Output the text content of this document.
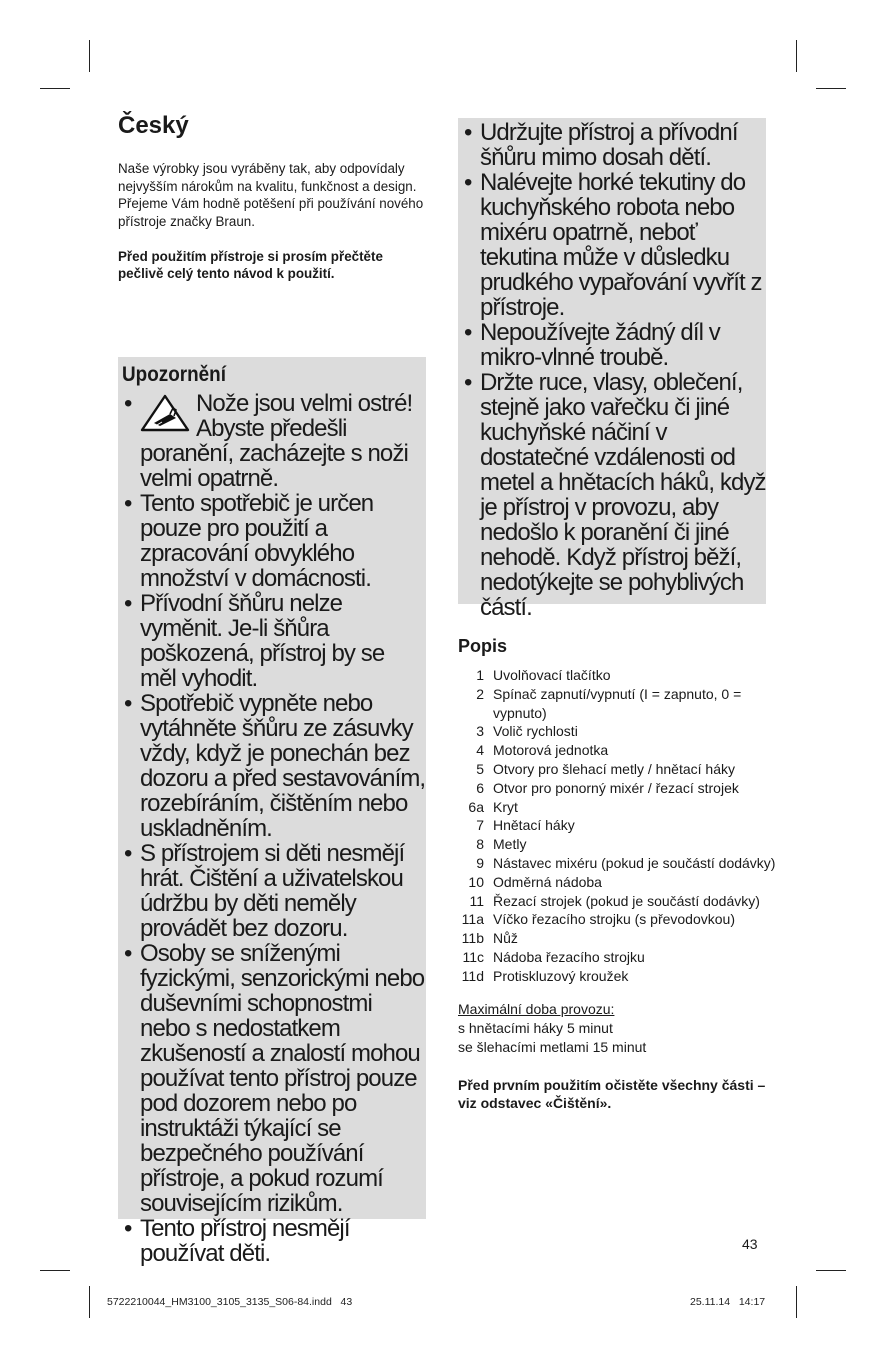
Český

Naše výrobky jsou vyráběny tak, aby odpovídaly nejvyšším nárokům na kvalitu, funkčnost a design. Přejeme Vám hodně potěšení při používání nového přístroje značky Braun.

Před použitím přístroje si prosím přečtěte pečlivě celý tento návod k použití.

Upozornění
• Nože jsou velmi ostré! Abyste předešli poranění, zacházejte s noži velmi opatrně.
• Tento spotřebič je určen pouze pro použití a zpracování obvyklého množství v domácnosti.
• Přívodní šňůru nelze vyměnit. Je-li šňůra poškozená, přístroj by se měl vyhodit.
• Spotřebič vypněte nebo vytáhněte šňůru ze zásuvky vždy, když je ponechán bez dozoru a před sestavováním, rozebíráním, čištěním nebo uskladněním.
• S přístrojem si děti nesmějí hrát. Čištění a uživatelskou údržbu by děti neměly provádět bez dozoru.
• Osoby se sníženými fyzickými, senzorickými nebo duševními schopnostmi nebo s nedostatkem zkušeností a znalostí mohou používat tento přístroj pouze pod dozorem nebo po instruktáži týkající se bezpečného používání přístroje, a pokud rozumí souvisejícím rizikům.
• Tento přístroj nesmějí používat děti.
• Udržujte přístroj a přívodní šňůru mimo dosah dětí.
• Nalévejte horké tekutiny do kuchyňského robota nebo mixéru opatrně, neboť tekutina může v důsledku prudkého vypařování vyvřít z přístroje.
• Nepoužívejte žádný díl v mikro-vlnné troubě.
• Držte ruce, vlasy, oblečení, stejně jako vařečku či jiné kuchyňské náčiní v dostatečné vzdálenosti od metel a hnětacích háků, když je přístroj v provozu, aby nedošlo k poranění či jiné nehodě. Když přístroj běží, nedotýkejte se pohyblivých částí.
Popis
1 Uvolňovací tlačítko
2 Spínač zapnutí/vypnutí (I = zapnuto, 0 = vypnuto)
3 Volič rychlosti
4 Motorová jednotka
5 Otvory pro šlehací metly / hnětací háky
6 Otvor pro ponorný mixér / řezací strojek
6a Kryt
7 Hnětací háky
8 Metly
9 Nástavec mixéru (pokud je součástí dodávky)
10 Odměrná nádoba
11 Řezací strojek (pokud je součástí dodávky)
11a Víčko řezacího strojku (s převodovkou)
11b Nůž
11c Nádoba řezacího strojku
11d Protiskluzový kroužek
Maximální doba provozu:
s hnětacími háky 5 minut
se šlehacími metlami 15 minut
Před prvním použitím očistěte všechny části – viz odstavec «Čištění».
43
5722210044_HM3100_3105_3135_S06-84.indd   43	25.11.14   14:17
